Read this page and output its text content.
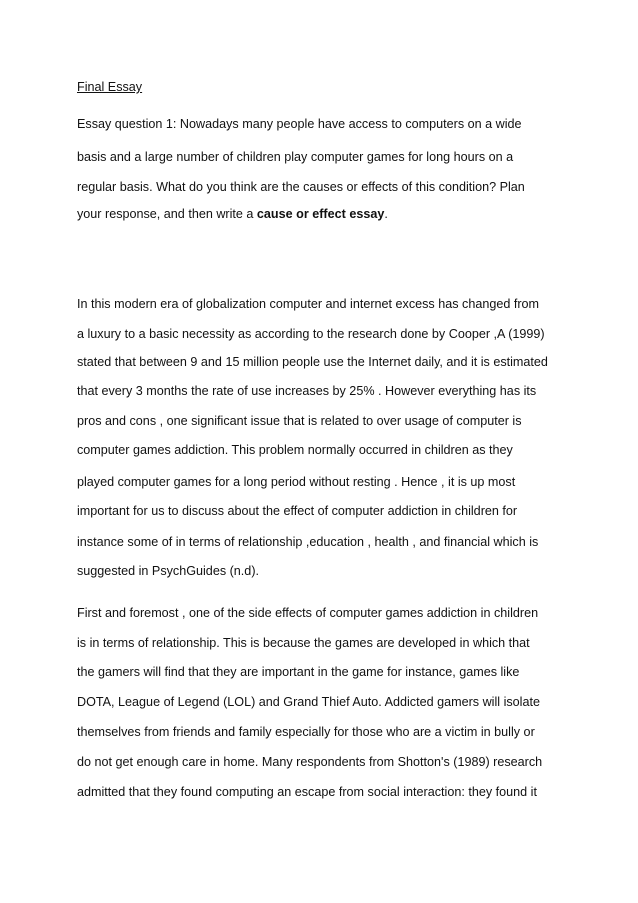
Final Essay
Essay question 1: Nowadays many people have access to computers on a wide
basis and a large number of children play computer games for long hours on a
regular basis. What do you think are the causes or effects of this condition? Plan
your response, and then write a cause or effect essay.
In this modern era of globalization computer and internet excess has changed from
a luxury to a basic necessity as according to the research done by Cooper ,A (1999)
stated that between 9 and 15 million people use the Internet daily, and it is estimated
that every 3 months the rate of use increases by 25% . However everything has its
pros and cons , one significant issue that is related to over usage of computer is
computer games addiction. This problem normally occurred in children as they
played computer games for a long period without resting . Hence , it is up most
important for us to discuss about the effect of computer addiction in children for
instance some of in terms of relationship ,education , health , and financial which is
suggested in PsychGuides (n.d).
First and foremost , one of the side effects of computer games addiction in children
is in terms of relationship. This is because the games are developed in which that
the gamers will find that they are important in the game for instance, games like
DOTA, League of Legend (LOL) and Grand Thief Auto. Addicted gamers will isolate
themselves from friends and family especially for those who are a victim in bully or
do not get enough care in home. Many respondents from Shotton's (1989) research
admitted that they found computing an escape from social interaction: they found it
